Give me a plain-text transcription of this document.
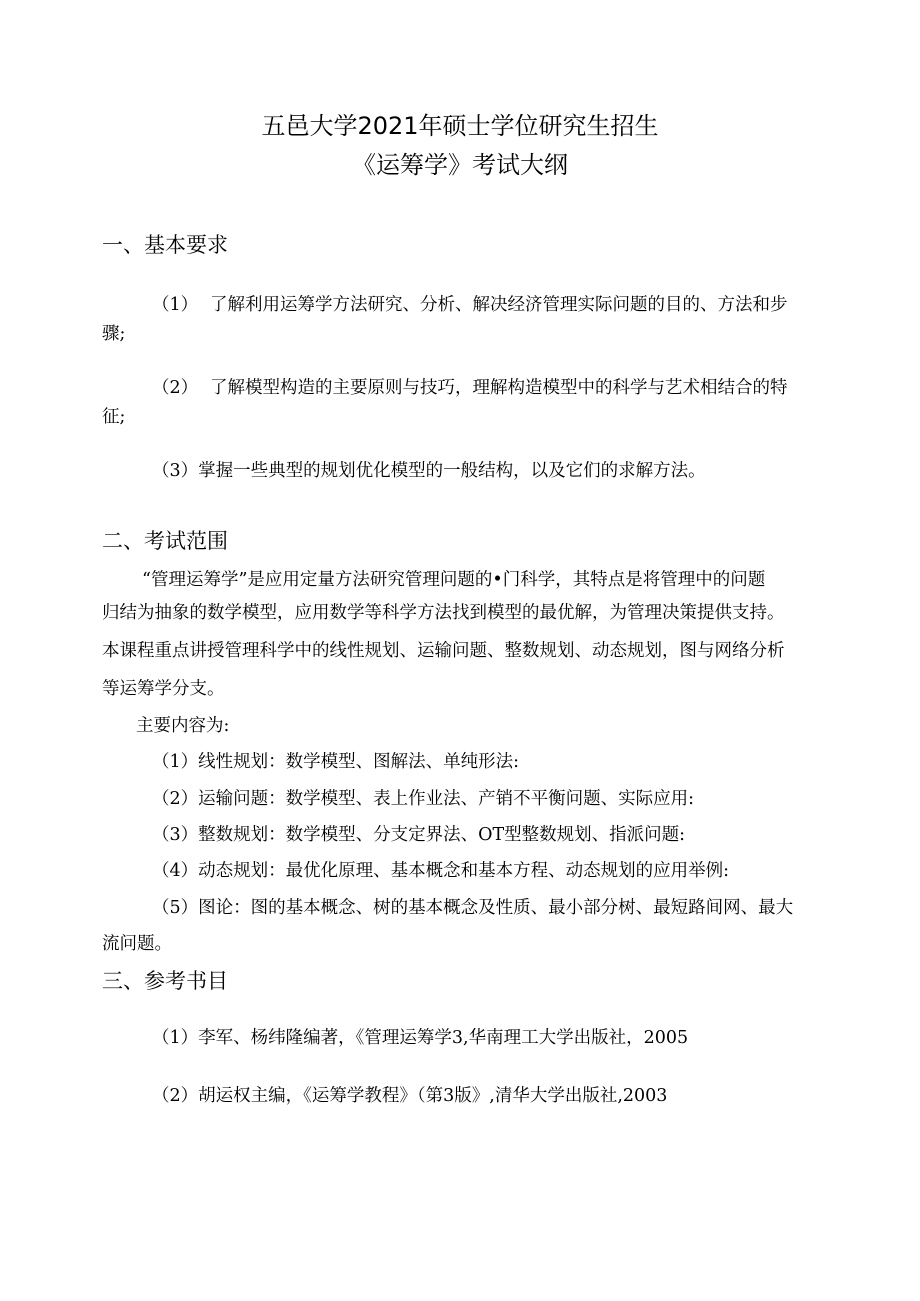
五邑大学2021年硕士学位研究生招生
《运筹学》考试大纲
一、基本要求
（1） 了解利用运筹学方法研究、分析、解决经济管理实际问题的目的、方法和步
骤;
（2） 了解模型构造的主要原则与技巧，理解构造模型中的科学与艺术相结合的特
征;
（3）掌握一些典型的规划优化模型的一般结构，以及它们的求解方法。
二、考试范围
“管理运筹学”是应用定量方法研究管理问题的•门科学，其特点是将管理中的问题
归结为抽象的数学模型，应用数学等科学方法找到模型的最优解，为管理决策提供支持。
本课程重点讲授管理科学中的线性规划、运输问题、整数规划、动态规划，图与网络分析
等运筹学分支。
主要内容为:
（1）线性规划：数学模型、图解法、单纯形法:
（2）运输问题：数学模型、表上作业法、产销不平衡问题、实际应用:
（3）整数规划：数学模型、分支定界法、OT型整数规划、指派问题:
（4）动态规划：最优化原理、基本概念和基本方程、动态规划的应用举例:
（5）图论：图的基本概念、树的基本概念及性质、最小部分树、最短路间网、最大
流问题。
三、参考书目
（1）李军、杨纬隆编著，《管理运筹学3,华南理工大学出版社，2005
（2）胡运权主编，《运筹学教程》（第3版》,清华大学出版社,2003
